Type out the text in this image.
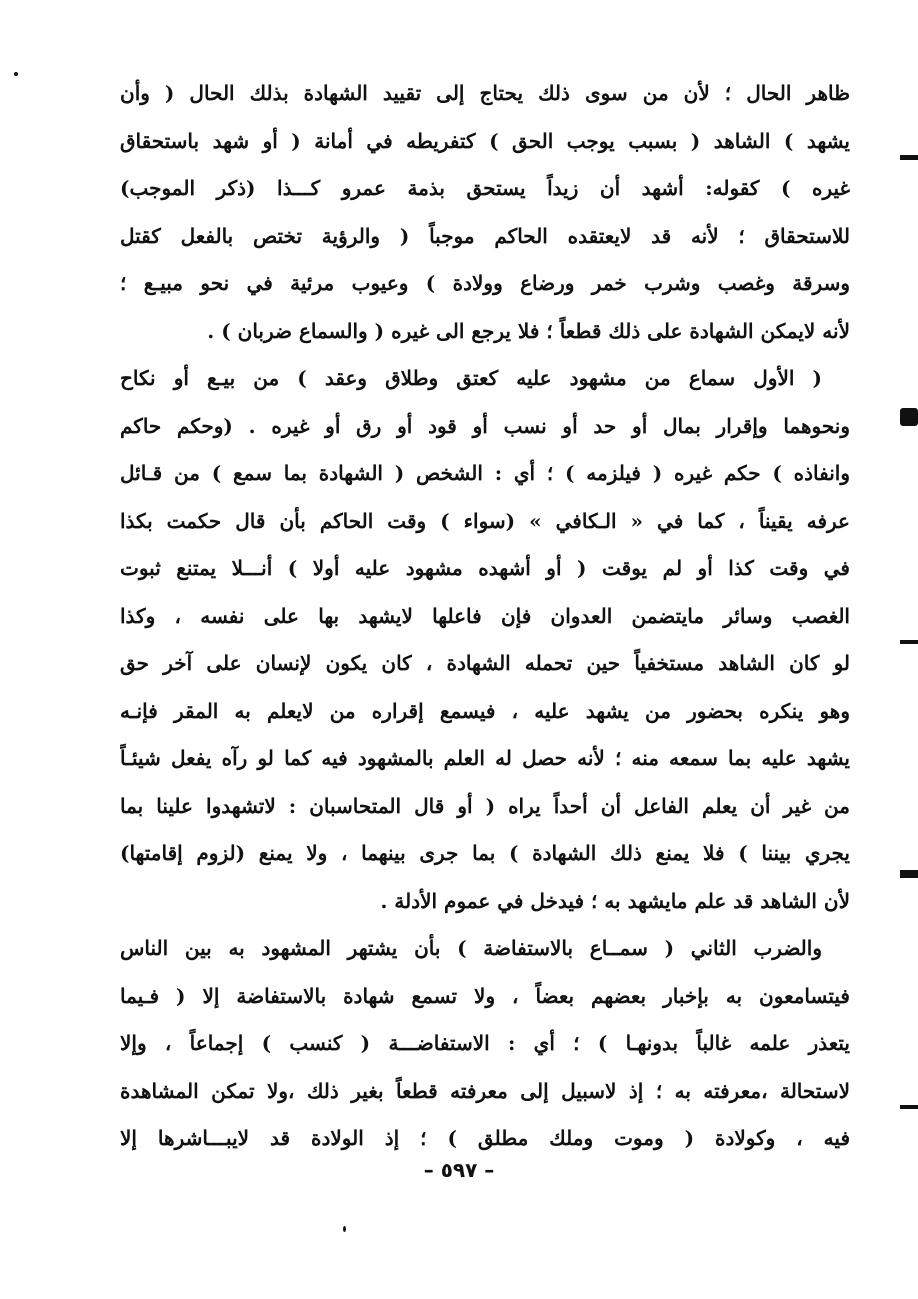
ظاهر الحال ؛ لأن من سوى ذلك يحتاج إلى تقييد الشهادة بذلك الحال ( وأن
يشهد ) الشاهد ( بسبب يوجب الحق ) كتفريطه في أمانة ( أو شهد باستحقاق
غيره ) كقوله: أشهد أن زيداً يستحق بذمة عمرو كـــذا (ذكر الموجب)
للاستحقاق ؛ لأنه قد لايعتقده الحاكم موجباً ( والرؤية تختص بالفعل كقتل
وسرقة وغصب وشرب خمر ورضاع وولادة ) وعيوب مرئية في نحو مبيـع ؛
لأنه لايمكن الشهادة على ذلك قطعاً ؛ فلا يرجع الى غيره ( والسماع ضربان ) .
( الأول سماع من مشهود عليه كعتق وطلاق وعقد ) من بيـع أو نكاح
ونحوهما وإقرار بمال أو حد أو نسب أو قود أو رق أو غيره . (وحكم حاكم
وانفاذه ) حكم غيره ( فيلزمه ) ؛ أي : الشخص ( الشهادة بما سمع ) من قـائل
عرفه يقيناً ، كما في « الـكافي » (سواء ) وقت الحاكم بأن قال حكمت بكذا
في وقت كذا أو لم يوقت ( أو أشهده مشهود عليه أولا ) أنـــلا يمتنع ثبوت
الغصب وسائر مايتضمن العدوان فإن فاعلها لايشهد بها على نفسه ، وكذا
لو كان الشاهد مستخفياً حين تحمله الشهادة ، كان يكون لإنسان على آخر حق
وهو ينكره بحضور من يشهد عليه ، فيسمع إقراره من لايعلم به المقر فإنـه
يشهد عليه بما سمعه منه ؛ لأنه حصل له العلم بالمشهود فيه كما لو رآه يفعل شيئـاً
من غير أن يعلم الفاعل أن أحداً يراه ( أو قال المتحاسبان : لاتشهدوا علينا بما
يجري بيننا ) فلا يمنع ذلك الشهادة ) بما جرى بينهما ، ولا يمنع (لزوم إقامتها)
لأن الشاهد قد علم مايشهد به ؛ فيدخل في عموم الأدلة .
والضرب الثاني ( سمــاع بالاستفاضة ) بأن يشتهر المشهود به بين الناس
فيتسامعون به بإخبار بعضهم بعضاً ، ولا تسمع شهادة بالاستفاضة إلا ( فـيما
يتعذر علمه غالباً بدونهـا ) ؛ أي : الاستفاضـــة ( كنسب ) إجماعاً ، وإلا
لاستحالة ،معرفته به ؛ إذ لاسبيل إلى معرفته قطعاً بغير ذلك ،ولا تمكن المشاهدة
فيه ، وكولادة ( وموت وملك مطلق ) ؛ إذ الولادة قد لايبـــاشرها إلا
– ٥٩٧ –
